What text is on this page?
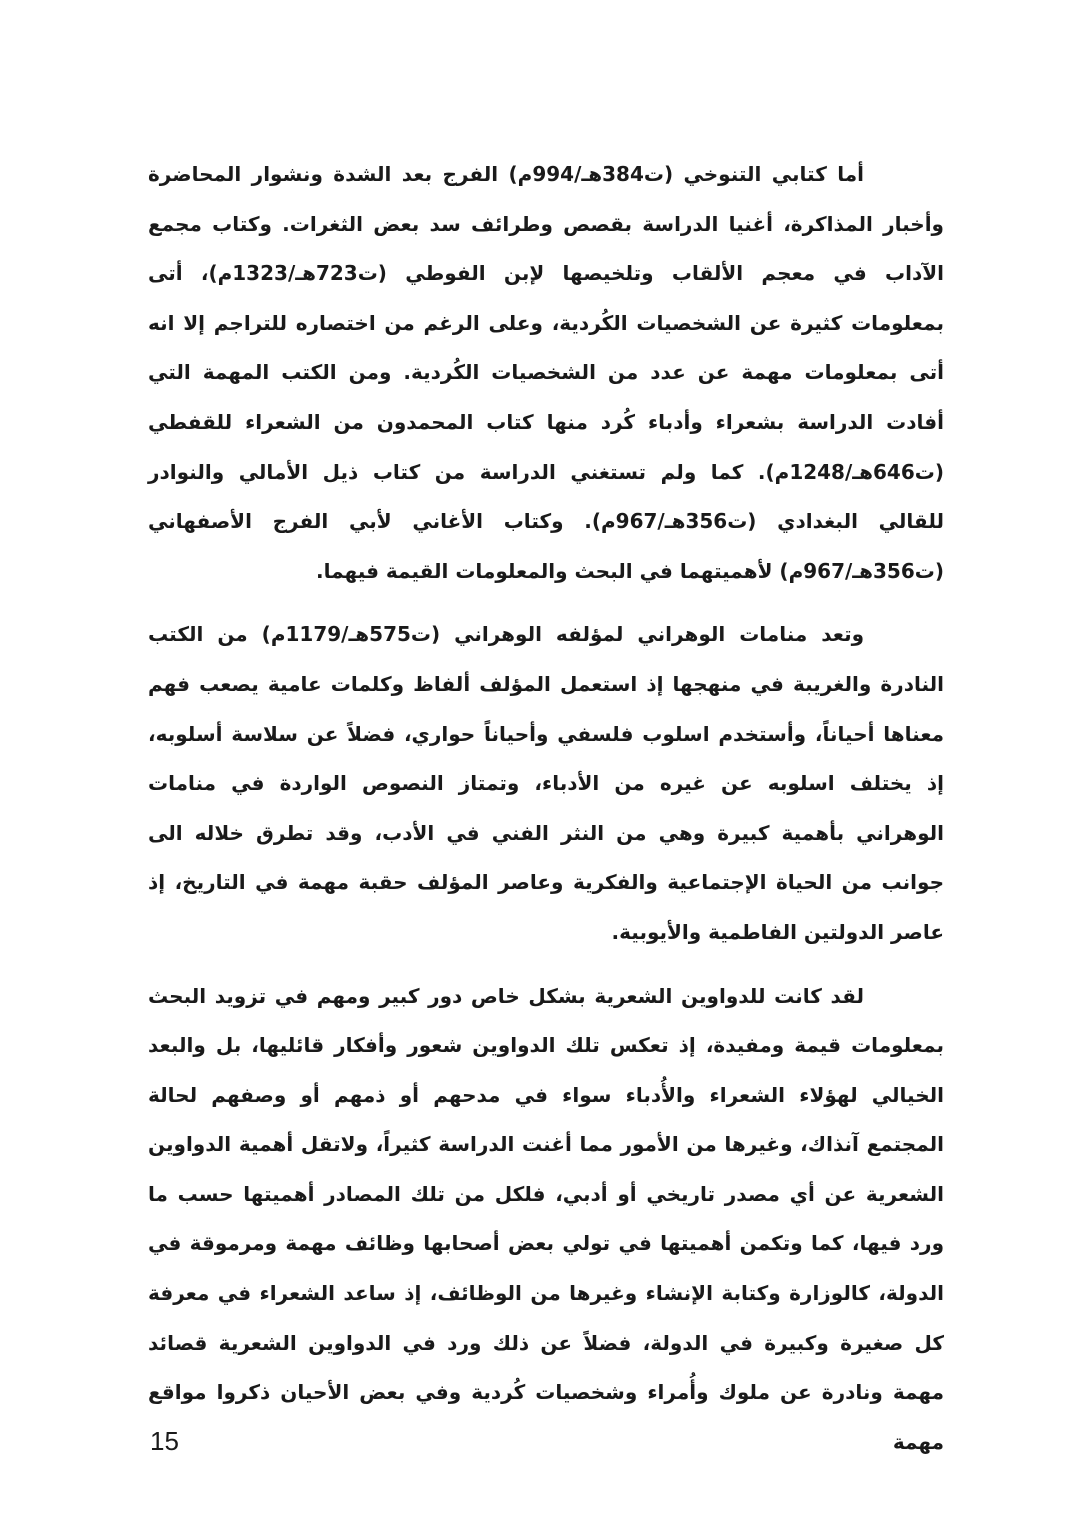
أما كتابي التنوخي (ت384هـ/994م) الفرج بعد الشدة ونشوار المحاضرة وأخبار المذاكرة، أغنيا الدراسة بقصص وطرائف سد بعض الثغرات. وكتاب مجمع الآداب في معجم الألقاب وتلخيصها لإبن الفوطي (ت723هـ/1323م)، أتى بمعلومات كثيرة عن الشخصيات الكُردية، وعلى الرغم من اختصاره للتراجم إلا انه أتى بمعلومات مهمة عن عدد من الشخصيات الكُردية. ومن الكتب المهمة التي أفادت الدراسة بشعراء وأدباء كُرد منها كتاب المحمدون من الشعراء للقفطي (ت646هـ/1248م). كما ولم تستغني الدراسة من كتاب ذيل الأمالي والنوادر للقالي البغدادي (ت356هـ/967م). وكتاب الأغاني لأبي الفرج الأصفهاني (ت356هـ/967م) لأهميتهما في البحث والمعلومات القيمة فيهما.

وتعد منامات الوهراني لمؤلفه الوهراني (ت575هـ/1179م) من الكتب النادرة والغريبة في منهجها إذ استعمل المؤلف ألفاظ وكلمات عامية يصعب فهم معناها أحياناً، وأستخدم اسلوب فلسفي وأحياناً حواري، فضلاً عن سلاسة أسلوبه، إذ يختلف اسلوبه عن غيره من الأدباء، وتمتاز النصوص الواردة في منامات الوهراني بأهمية كبيرة وهي من النثر الفني في الأدب، وقد تطرق خلاله الى جوانب من الحياة الإجتماعية والفكرية وعاصر المؤلف حقبة مهمة في التاريخ، إذ عاصر الدولتين الفاطمية والأيوبية.

لقد كانت للدواوين الشعرية بشكل خاص دور كبير ومهم في تزويد البحث بمعلومات قيمة ومفيدة، إذ تعكس تلك الدواوين شعور وأفكار قائليها، بل والبعد الخيالي لهؤلاء الشعراء والأُدباء سواء في مدحهم أو ذمهم أو وصفهم لحالة المجتمع آنذاك، وغيرها من الأمور مما أغنت الدراسة كثيراً، ولاتقل أهمية الدواوين الشعرية عن أي مصدر تاريخي أو أدبي، فلكل من تلك المصادر أهميتها حسب ما ورد فيها، كما وتكمن أهميتها في تولي بعض أصحابها وظائف مهمة ومرموقة في الدولة، كالوزارة وكتابة الإنشاء وغيرها من الوظائف، إذ ساعد الشعراء في معرفة كل صغيرة وكبيرة في الدولة، فضلاً عن ذلك ورد في الدواوين الشعرية قصائد مهمة ونادرة عن ملوك وأُمراء وشخصيات كُردية وفي بعض الأحيان ذكروا مواقع مهمة

15
